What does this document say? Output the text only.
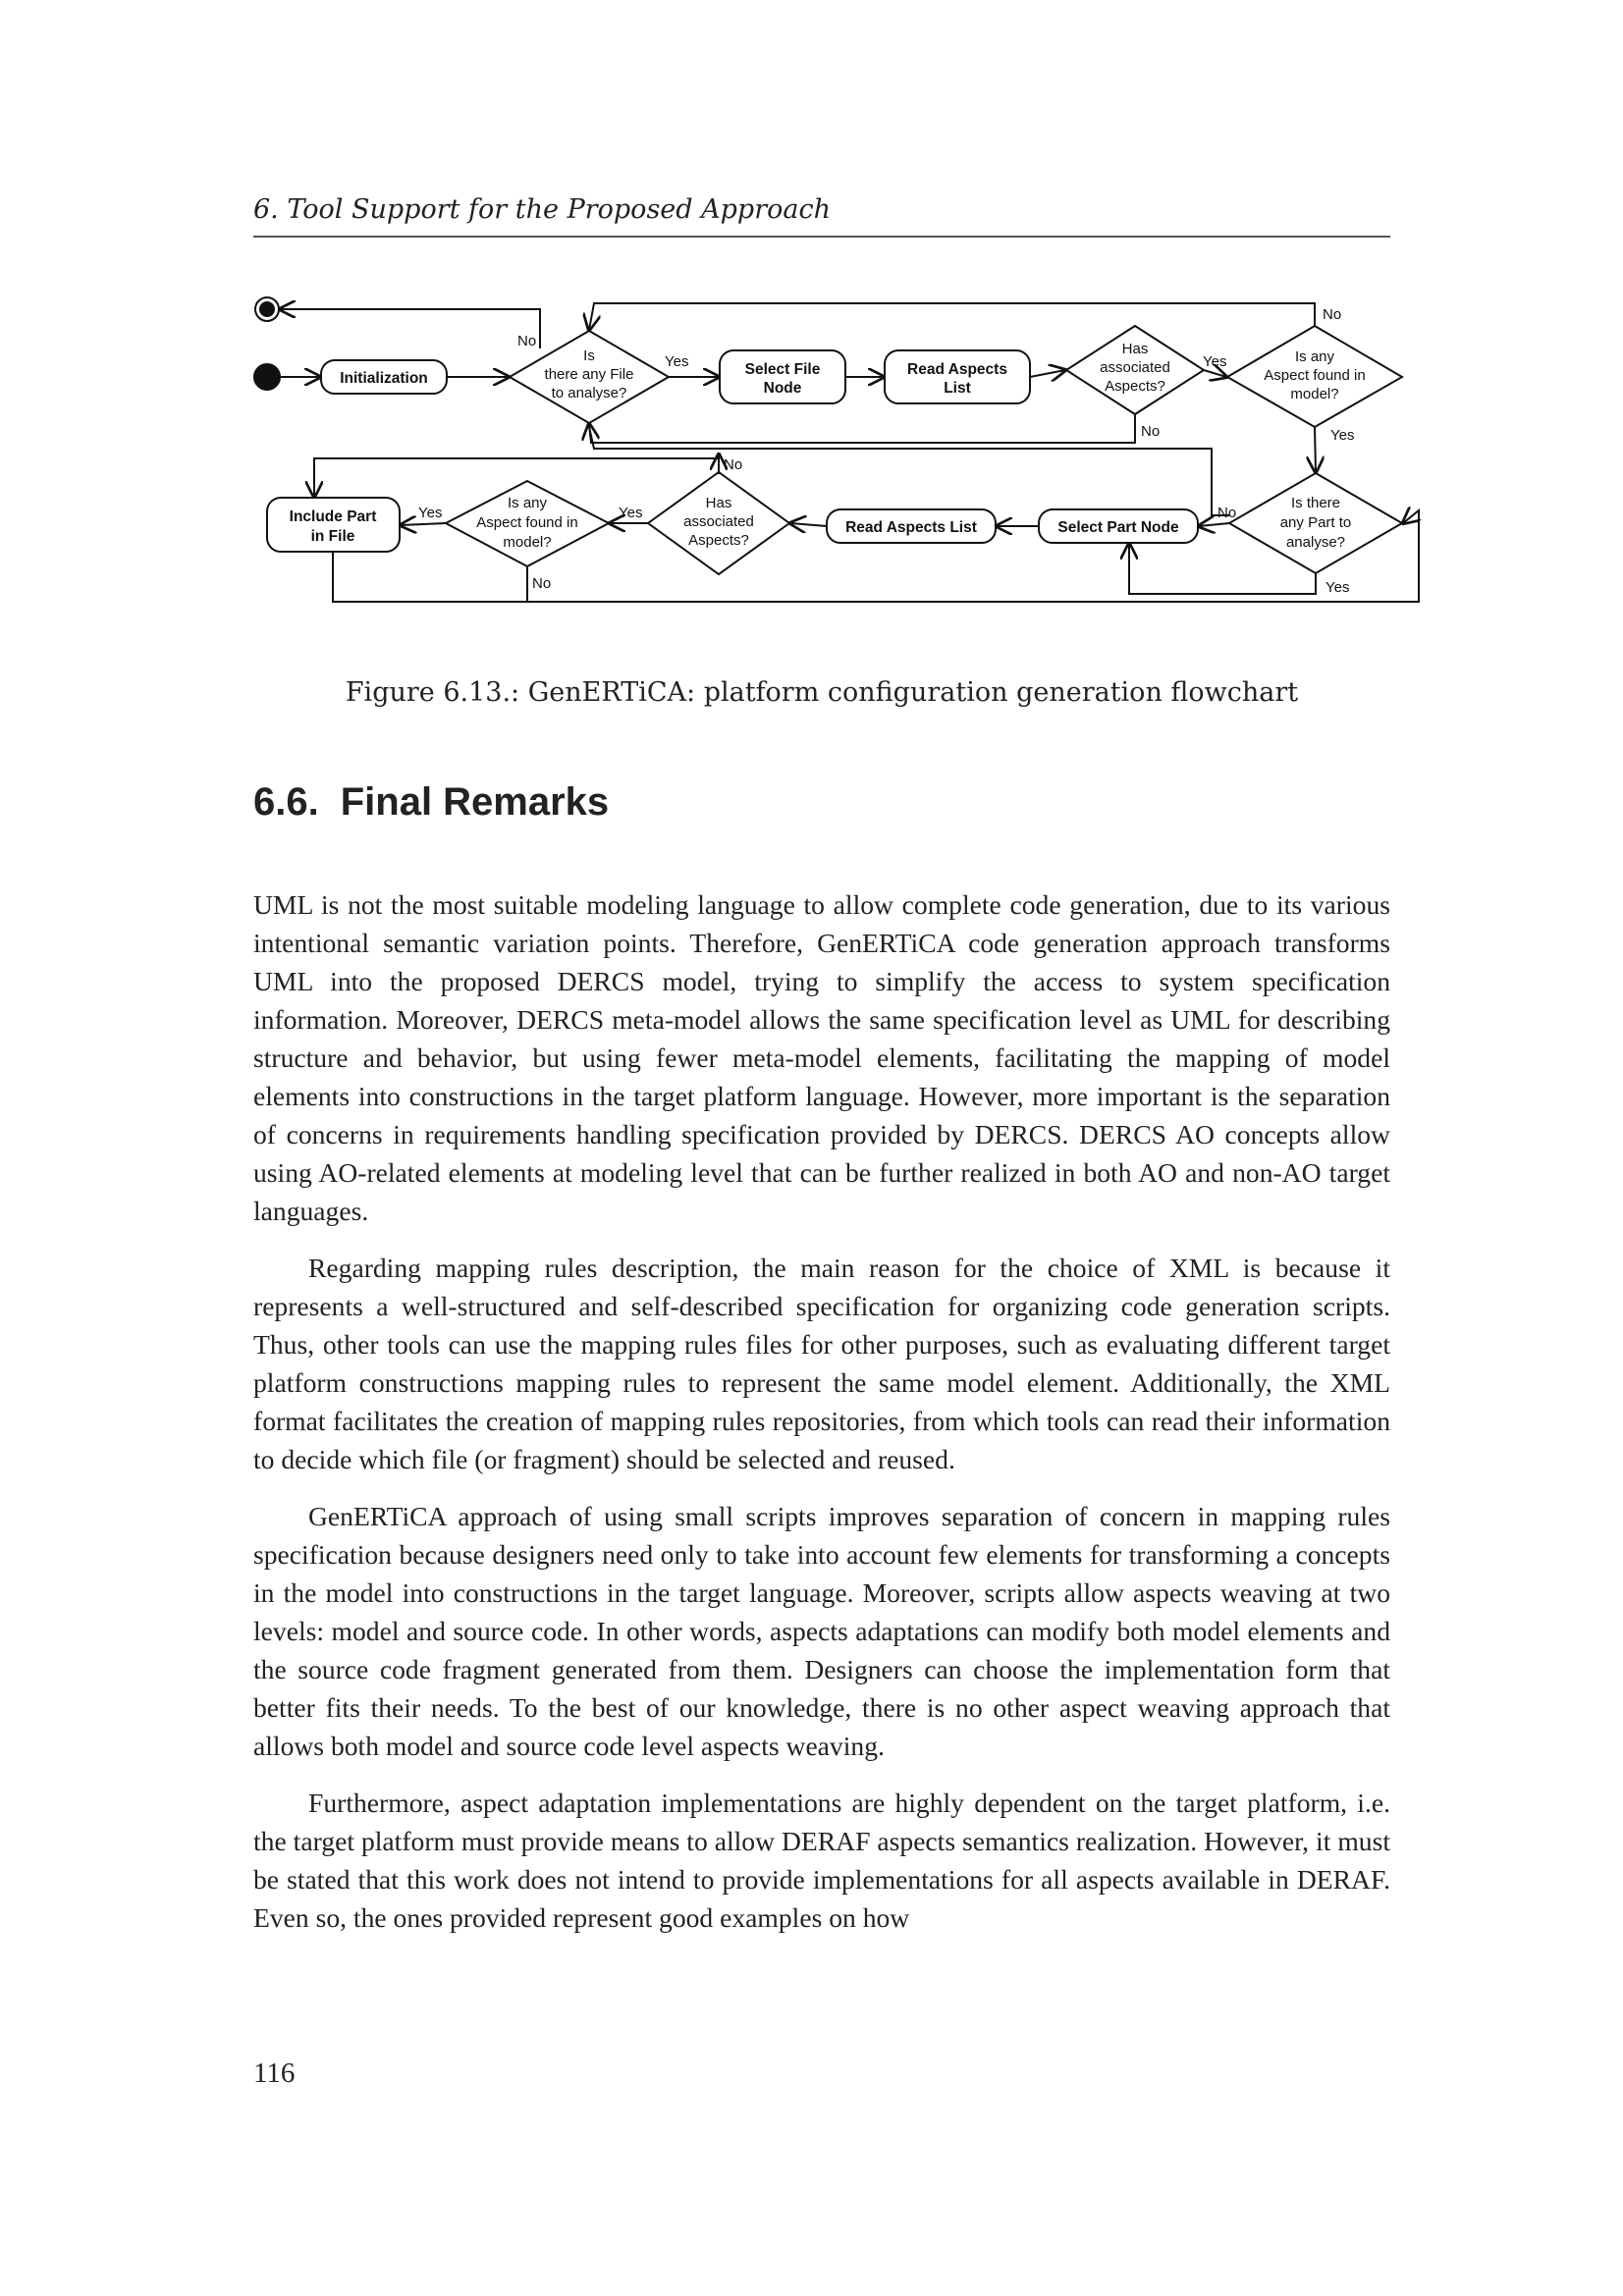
6. Tool Support for the Proposed Approach
Initialization
Select File
Node
Read Aspects
List
Include Part
in File
Read Aspects List	Select Part Node
Is
there any File
to analyse?
Has
associated
Aspects?
Is any
Aspect found in
model?
Is there
any Part to
analyse?
Has
associated
Aspects?
Is any
Aspect found in
model?
No
Yes	Yes
No
No	Yes
No
No
Yes
Yes
Yes
No
Figure 6.13.: GenERTiCA: platform configuration generation flowchart
6.6. Final Remarks

UML is not the most suitable modeling language to allow complete code generation, due to its various intentional semantic variation points. Therefore, GenERTiCA code generation approach transforms UML into the proposed DERCS model, trying to simplify the access to system specification information. Moreover, DERCS meta-model allows the same specification level as UML for describing structure and behavior, but using fewer meta-model elements, facilitating the mapping of model elements into constructions in the target platform language. However, more important is the separation of concerns in requirements handling specification provided by DERCS. DERCS AO concepts allow using AO-related elements at modeling level that can be further realized in both AO and non-AO target languages.

Regarding mapping rules description, the main reason for the choice of XML is because it represents a well-structured and self-described specification for organizing code generation scripts. Thus, other tools can use the mapping rules files for other purposes, such as evaluating different target platform constructions mapping rules to represent the same model element. Additionally, the XML format facilitates the creation of mapping rules repositories, from which tools can read their information to decide which file (or fragment) should be selected and reused.

GenERTiCA approach of using small scripts improves separation of concern in mapping rules specification because designers need only to take into account few elements for transforming a concepts in the model into constructions in the target language. Moreover, scripts allow aspects weaving at two levels: model and source code. In other words, aspects adaptations can modify both model elements and the source code fragment generated from them. Designers can choose the implementation form that better fits their needs. To the best of our knowledge, there is no other aspect weaving approach that allows both model and source code level aspects weaving.

Furthermore, aspect adaptation implementations are highly dependent on the target platform, i.e. the target platform must provide means to allow DERAF aspects semantics realization. However, it must be stated that this work does not intend to provide implementations for all aspects available in DERAF. Even so, the ones provided represent good examples on how

116
